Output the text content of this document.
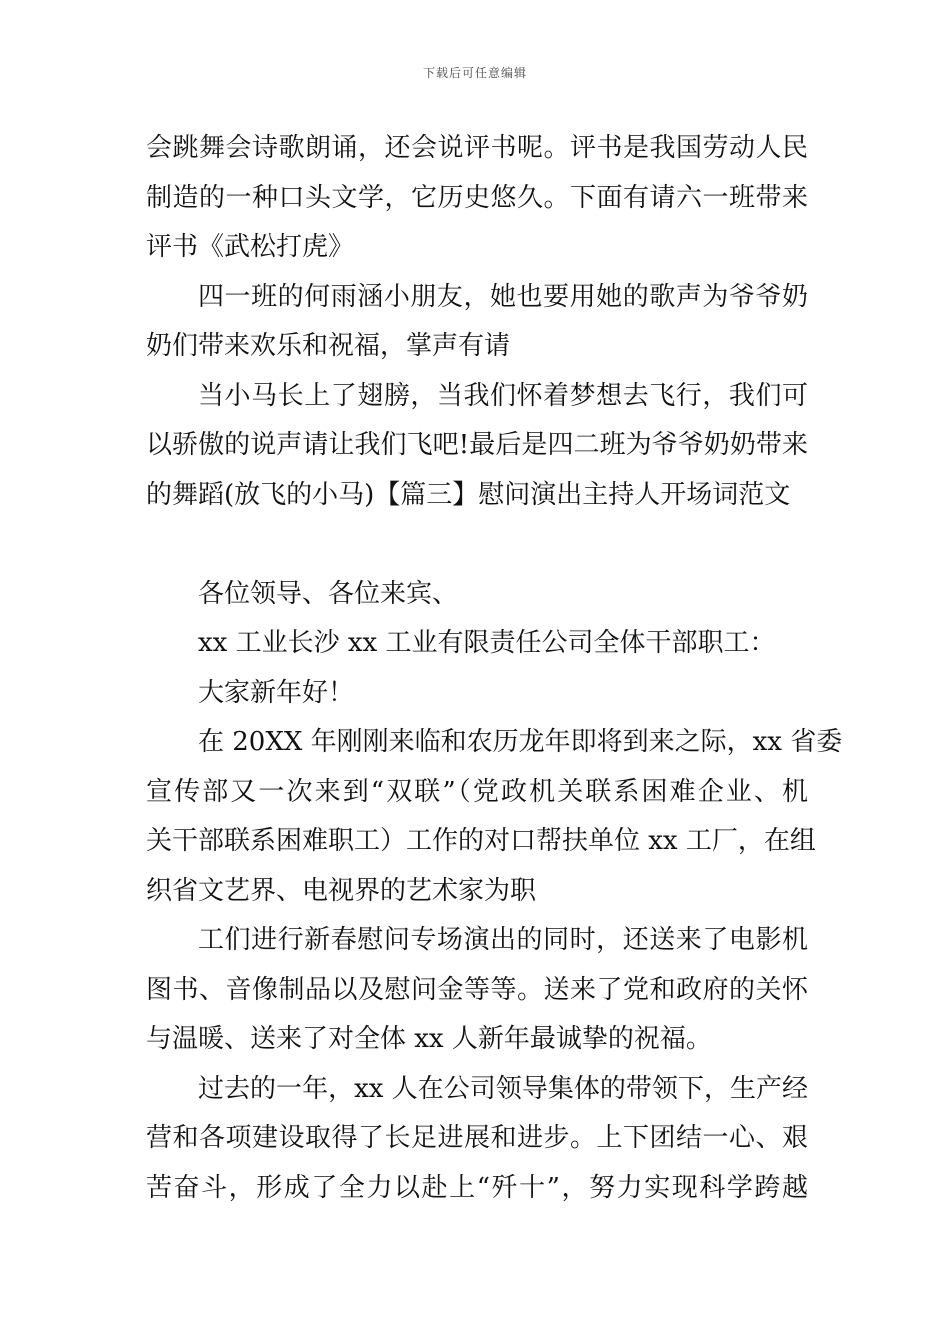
下载后可任意编辑
会跳舞会诗歌朗诵，还会说评书呢。评书是我国劳动人民
制造的一种口头文学，它历史悠久。下面有请六一班带来
评书《武松打虎》
四一班的何雨涵小朋友，她也要用她的歌声为爷爷奶
奶们带来欢乐和祝福，掌声有请
当小马长上了翅膀，当我们怀着梦想去飞行，我们可
以骄傲的说声请让我们飞吧!最后是四二班为爷爷奶奶带来
的舞蹈(放飞的小马)【篇三】慰问演出主持人开场词范文
各位领导、各位来宾、
xx 工业长沙 xx 工业有限责任公司全体干部职工：
大家新年好！
在 20XX 年刚刚来临和农历龙年即将到来之际，xx 省委
宣传部又一次来到“双联”（党政机关联系困难企业、机
关干部联系困难职工）工作的对口帮扶单位 xx 工厂，在组
织省文艺界、电视界的艺术家为职
工们进行新春慰问专场演出的同时，还送来了电影机
图书、音像制品以及慰问金等等。送来了党和政府的关怀
与温暖、送来了对全体 xx 人新年最诚挚的祝福。
过去的一年，xx 人在公司领导集体的带领下，生产经
营和各项建设取得了长足进展和进步。上下团结一心、艰
苦奋斗，形成了全力以赴上“歼十”，努力实现科学跨越
